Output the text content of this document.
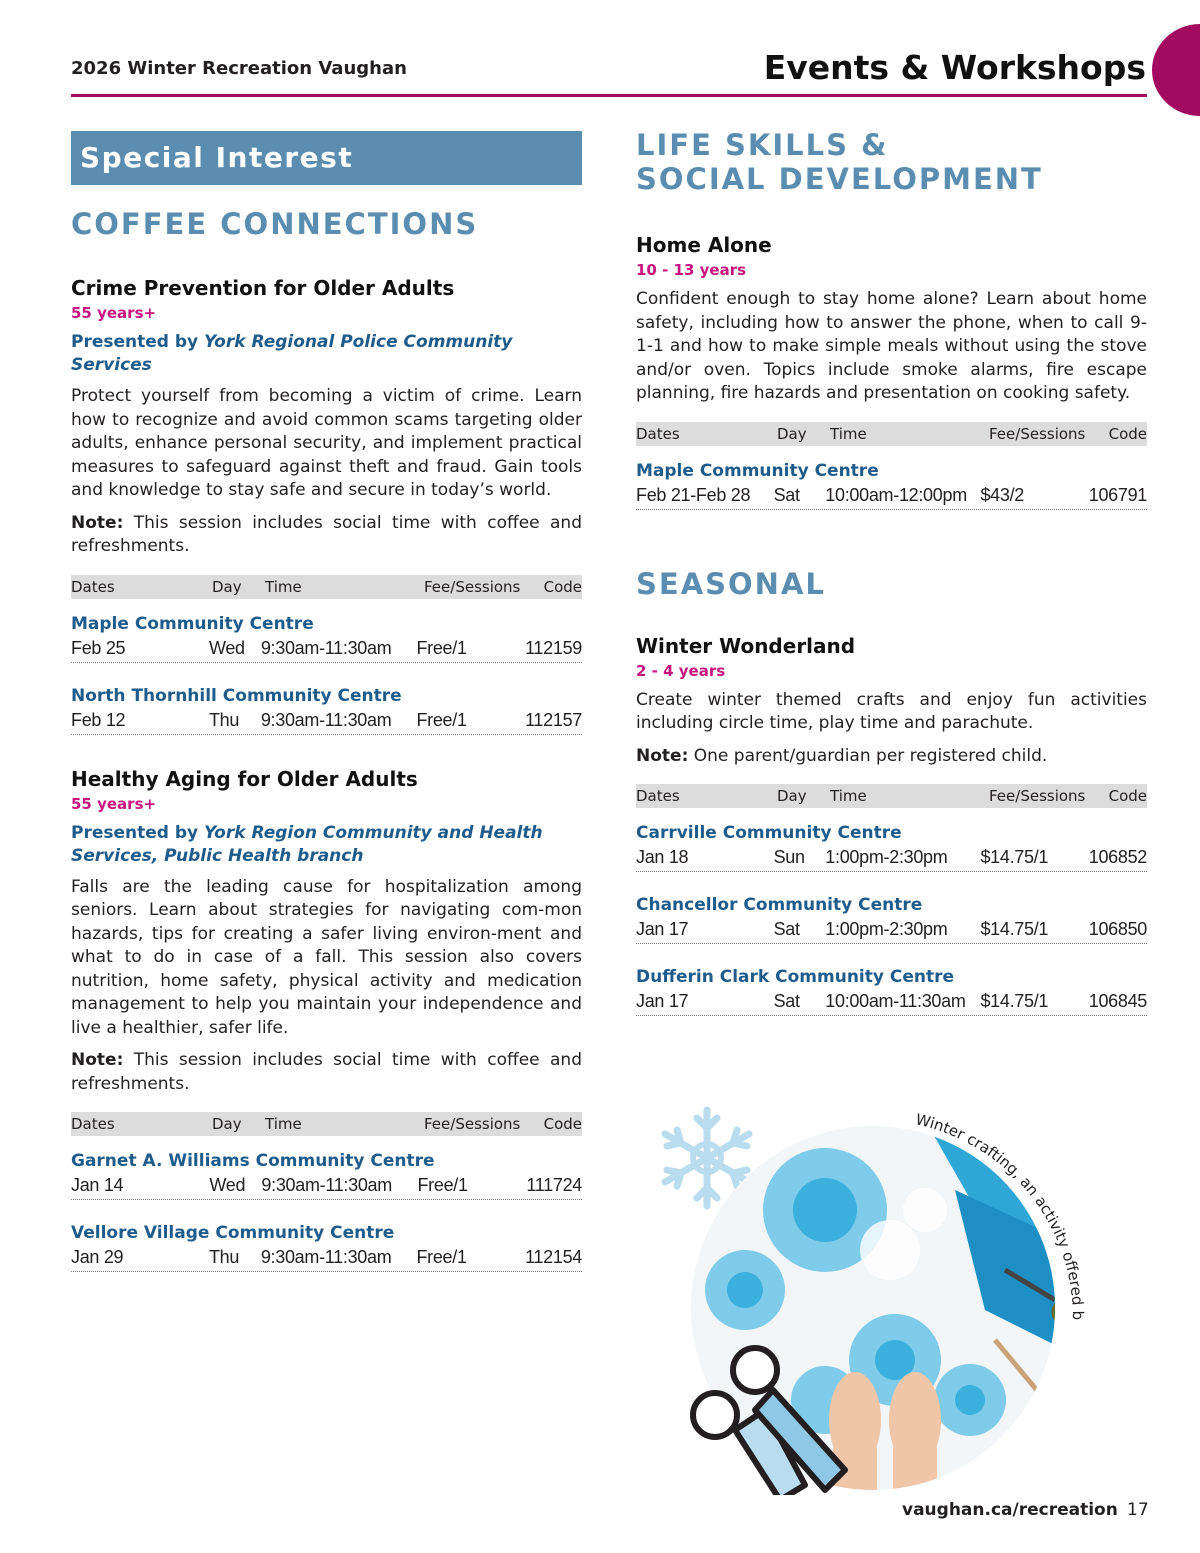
2026 Winter Recreation Vaughan	Events & Workshops
Special Interest
COFFEE CONNECTIONS
Crime Prevention for Older Adults
55 years+
Presented by York Regional Police Community Services
Protect yourself from becoming a victim of crime. Learn how to recognize and avoid common scams targeting older adults, enhance personal security, and implement practical measures to safeguard against theft and fraud. Gain tools and knowledge to stay safe and secure in today’s world.
Note: This session includes social time with coffee and refreshments.
Dates	Day	Time	Fee/Sessions	Code
Maple Community Centre
Feb 25	Wed 9:30am-11:30am	Free/1	112159
North Thornhill Community Centre
Feb 12	Thu	9:30am-11:30am	Free/1	112157
Healthy Aging for Older Adults
55 years+
Presented by York Region Community and Health Services, Public Health branch
Falls are the leading cause for hospitalization among seniors. Learn about strategies for navigating com-mon hazards, tips for creating a safer living environ-ment and what to do in case of a fall. This session also covers nutrition, home safety, physical activity and medication management to help you maintain your independence and live a healthier, safer life.
Note: This session includes social time with coffee and refreshments.
Dates	Day	Time	Fee/Sessions	Code
Garnet A. Williams Community Centre
Jan 14	Wed 9:30am-11:30am	Free/1	111724
Vellore Village Community Centre
Jan 29	Thu	9:30am-11:30am	Free/1	112154
LIFE SKILLS &
SOCIAL DEVELOPMENT
Home Alone
10 - 13 years
Confident enough to stay home alone? Learn about home safety, including how to answer the phone, when to call 9-1-1 and how to make simple meals without using the stove and/or oven. Topics include smoke alarms, fire escape planning, fire hazards and presentation on cooking safety.
Dates	Day	Time	Fee/Sessions	Code
Maple Community Centre
Feb 21-Feb 28	Sat	10:00am-12:00pm $43/2	106791
SEASONAL
Winter Wonderland
2 - 4 years
Create winter themed crafts and enjoy fun activities including circle time, play time and parachute.
Note: One parent/guardian per registered child.
Dates	Day	Time	Fee/Sessions	Code
Carrville Community Centre
Jan 18	Sun	1:00pm-2:30pm	$14.75/1	106852
Chancellor Community Centre
Jan 17	Sat	1:00pm-2:30pm	$14.75/1	106850
Dufferin Clark Community Centre
Jan 17	Sat	10:00am-11:30am $14.75/1	106845
Winter crafting, an activity offered b
vaughan.ca/recreation 17
